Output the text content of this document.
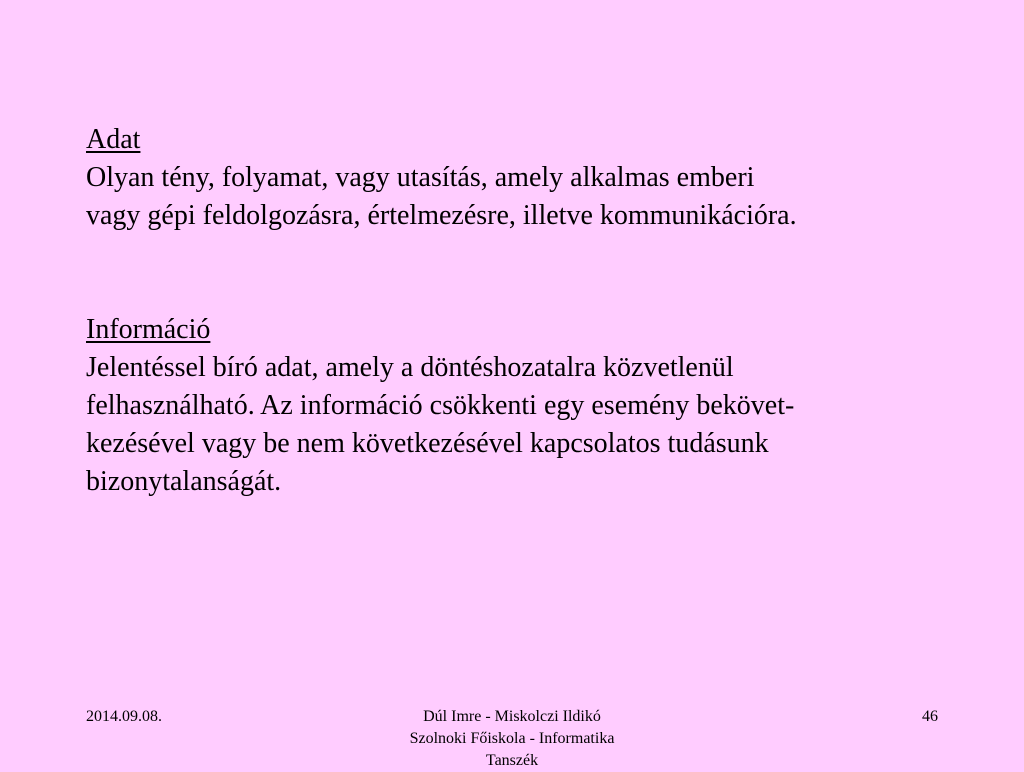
Adat
Olyan tény, folyamat, vagy utasítás, amely alkalmas emberi
vagy gépi feldolgozásra, értelmezésre, illetve kommunikációra.
Információ
Jelentéssel bíró adat, amely a döntéshozatalra közvetlenül
felhasználható. Az információ csökkenti egy esemény bekövet-
kezésével vagy be nem következésével kapcsolatos tudásunk
bizonytalanságát.
2014.09.08.	Dúl Imre - Miskolczi Ildikó
Szolnoki Főiskola - Informatika
Tanszék
46
